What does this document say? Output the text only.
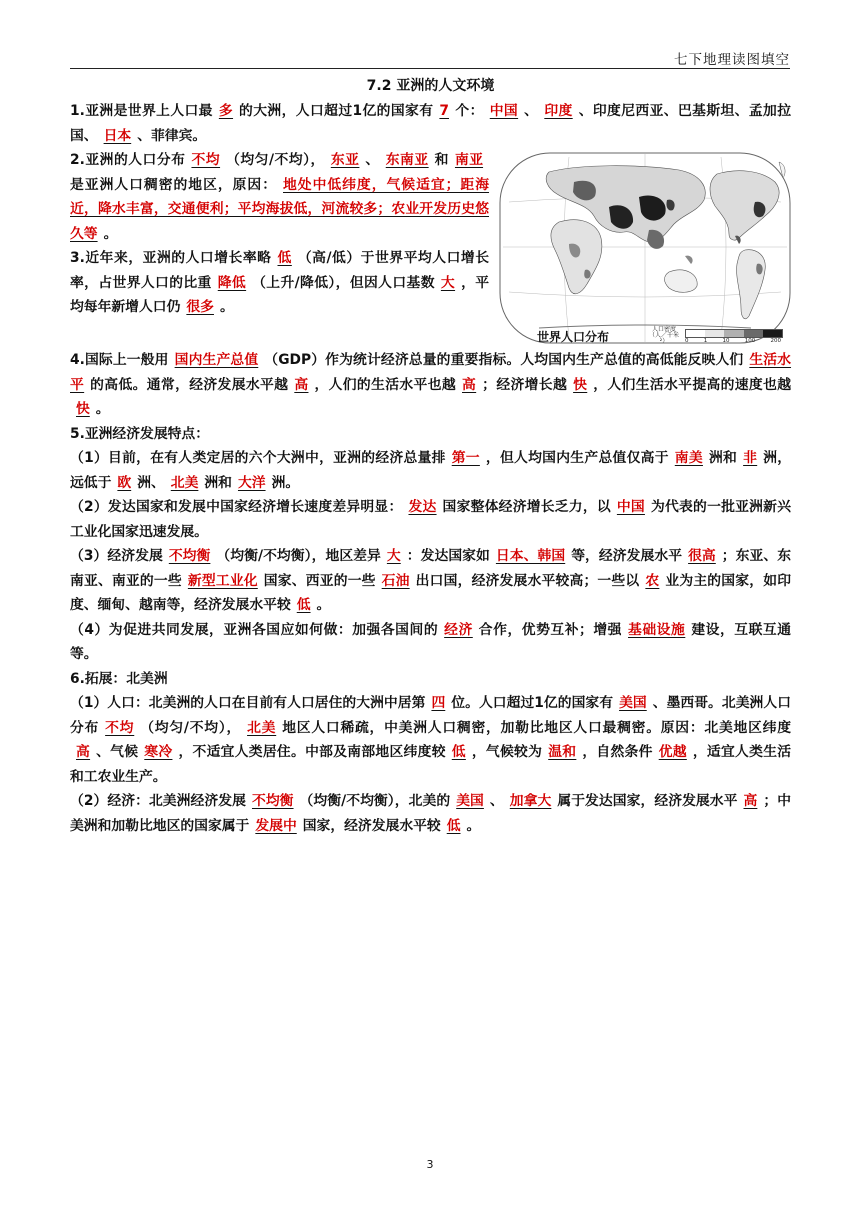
七下地理读图填空
7.2 亚洲的人文环境

1.亚洲是世界上人口最 多 的大洲，人口超过1亿的国家有 7 个： 中国 、 印度 、印度尼西亚、巴基斯坦、孟加拉国、 日本 、菲律宾。

世界人口分布
人口密度（人／千米²）	0	1	10	100	200

2.亚洲的人口分布 不均 （均匀/不均）， 东亚 、 东南亚 和 南亚是亚洲人口稠密的地区，原因： 地处中低纬度，气候适宜；距海近，降水丰富，交通便利；平均海拔低，河流较多；农业开发历史悠久等 。

3.近年来，亚洲的人口增长率略 低 （高/低）于世界平均人口增长率，占世界人口的比重 降低 （上升/降低），但因人口基数 大 ，平均每年新增人口仍 很多 。

4.国际上一般用 国内生产总值 （GDP）作为统计经济总量的重要指标。人均国内生产总值的高低能反映人们 生活水平 的高低。通常，经济发展水平越 高 ，人们的生活水平也越 高 ；经济增长越 快 ，人们生活水平提高的速度也越快 。

5.亚洲经济发展特点：

（1）目前，在有人类定居的六个大洲中，亚洲的经济总量排 第一 ，但人均国内生产总值仅高于 南美 洲和 非 洲，远低于 欧 洲、 北美 洲和 大洋 洲。

（2）发达国家和发展中国家经济增长速度差异明显： 发达 国家整体经济增长乏力，以 中国 为代表的一批亚洲新兴工业化国家迅速发展。

（3）经济发展 不均衡 （均衡/不均衡），地区差异 大 ：发达国家如 日本、韩国 等，经济发展水平 很高 ；东亚、东南亚、南亚的一些 新型工业化 国家、西亚的一些 石油 出口国，经济发展水平较高；一些以 农 业为主的国家，如印度、缅甸、越南等，经济发展水平较 低 。

（4）为促进共同发展，亚洲各国应如何做：加强各国间的 经济 合作，优势互补；增强 基础设施 建设，互联互通等。

6.拓展：北美洲

（1）人口：北美洲的人口在目前有人口居住的大洲中居第 四 位。人口超过1亿的国家有 美国 、墨西哥。北美洲人口分布 不均 （均匀/不均）， 北美 地区人口稀疏，中美洲人口稠密，加勒比地区人口最稠密。原因：北美地区纬度高 、气候 寒冷 ，不适宜人类居住。中部及南部地区纬度较 低 ，气候较为 温和 ，自然条件 优越 ，适宜人类生活和工农业生产。

（2）经济：北美洲经济发展 不均衡 （均衡/不均衡），北美的 美国 、 加拿大 属于发达国家，经济发展水平 高 ；中美洲和加勒比地区的国家属于 发展中 国家，经济发展水平较 低 。

3
